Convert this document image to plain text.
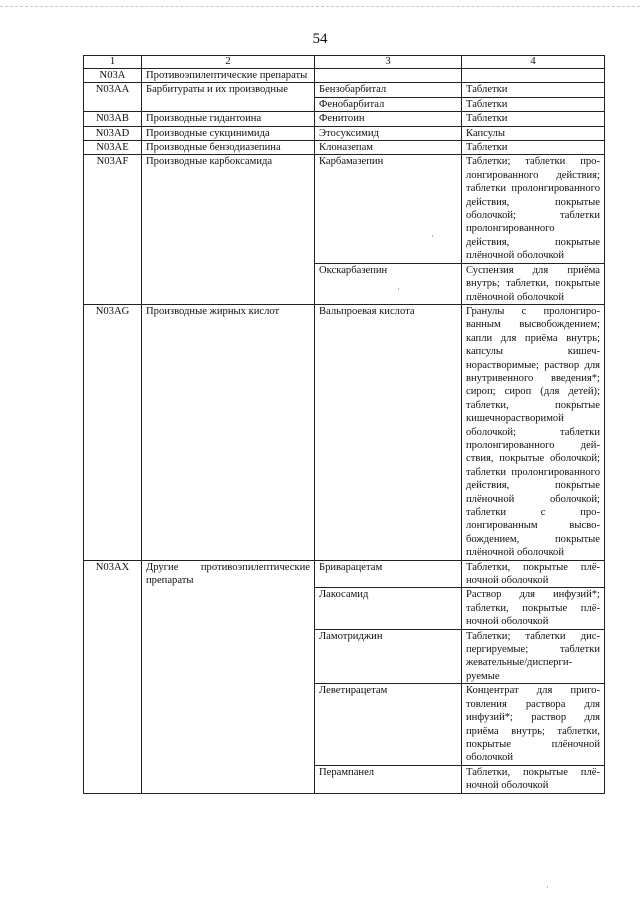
54
1	2	3	4
N03A	Противоэпилептические препараты		
N03AA	Барбитураты и их производные	Бензобарбитал	Таблетки
		Фенобарбитал	Таблетки
N03AB	Производные гидантоина	Фенитоин	Таблетки
N03AD	Производные сукцинимида	Этосуксимид	Капсулы
N03AE	Производные бензодиазепина	Клоназепам	Таблетки
N03AF	Производные карбоксамида	Карбамазепин	Таблетки; таблетки пролонгированного действия; таблетки пролонгированного действия, покрытые оболочкой; таблетки пролонгированного действия, покрытые плёночной оболочкой
		Окскарбазепин	Суспензия для приёма внутрь; таблетки, покрытые плёночной оболочкой
N03AG	Производные жирных кислот	Вальпроевая кислота	Гранулы с пролонгированным высвобождением; капли для приёма внутрь; капсулы кишечнорастворимые; раствор для внутривенного введения*; сироп; сироп (для детей); таблетки, покрытые кишечнорастворимой оболочкой; таблетки пролонгированного действия, покрытые оболочкой; таблетки пролонгированного действия, покрытые плёночной оболочкой; таблетки с пролонгированным высвобождением, покрытые плёночной оболочкой
N03AX	Другие противоэпилептические препараты	Бриварацетам	Таблетки, покрытые плёночной оболочкой
		Лакосамид	Раствор для инфузий*; таблетки, покрытые плёночной оболочкой
		Ламотриджин	Таблетки; таблетки диспергируемые; таблетки жевательные/диспергируемые
		Леветирацетам	Концентрат для приготовления раствора для инфузий*; раствор для приёма внутрь; таблетки, покрытые плёночной оболочкой
		Перампанел	Таблетки, покрытые плёночной оболочкой
·
·
·
